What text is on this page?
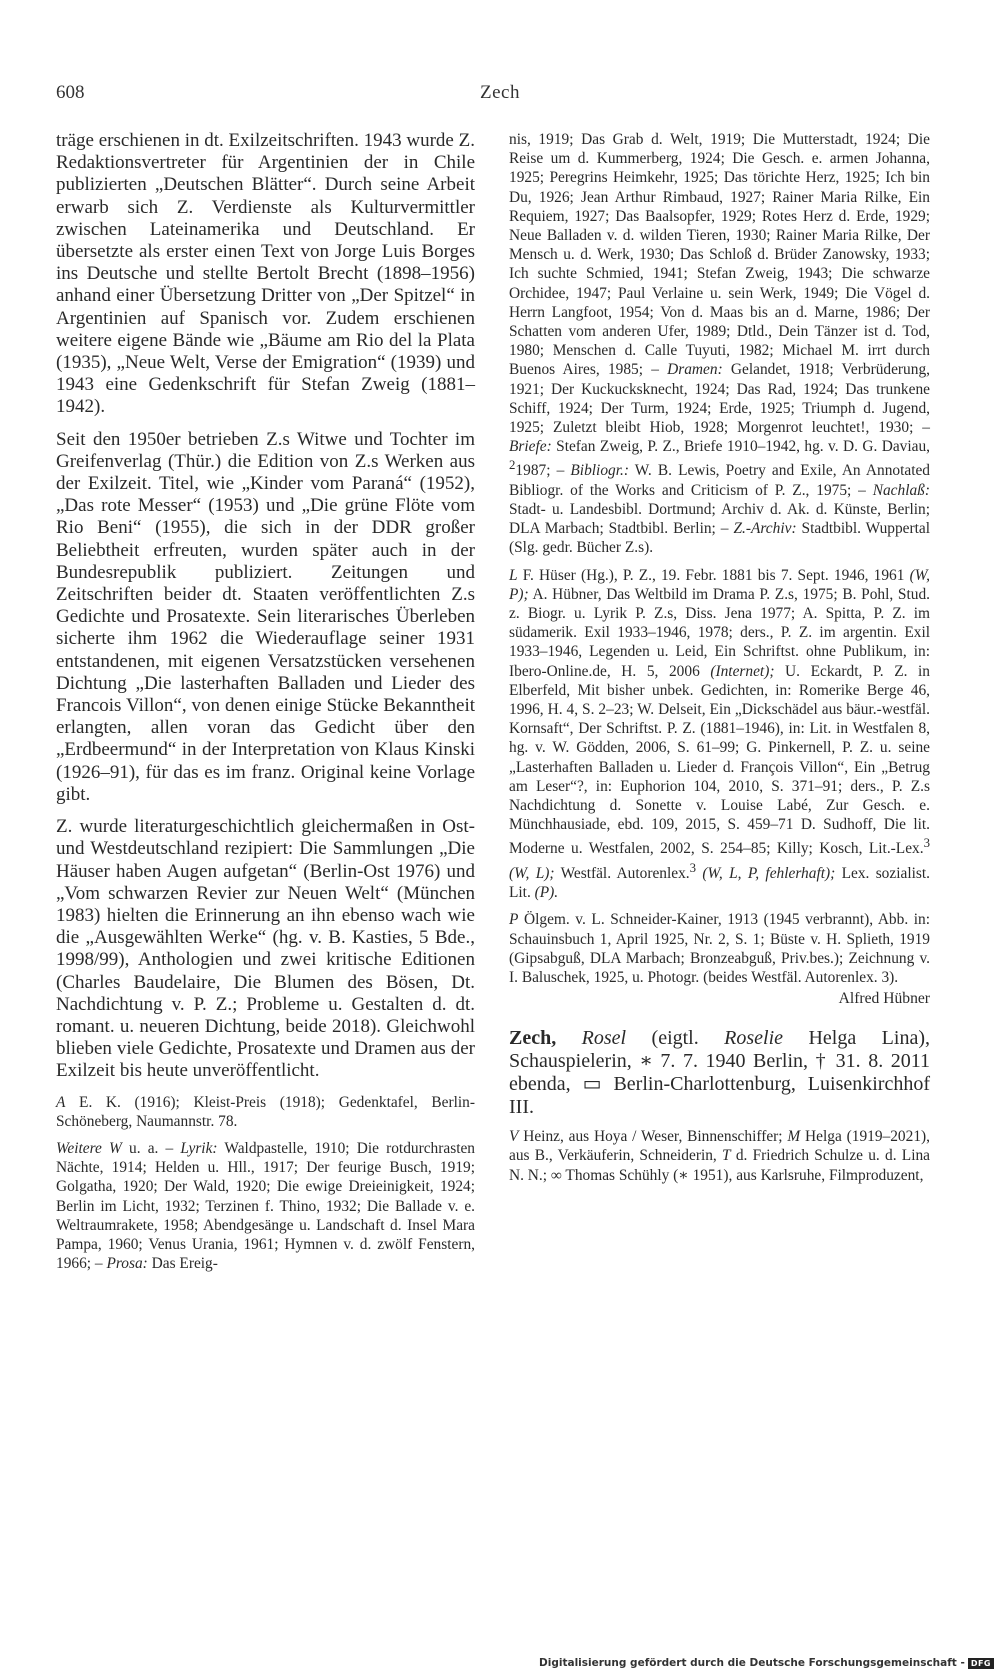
608	Zech

träge erschienen in dt. Exilzeitschriften. 1943 wurde Z. Redaktionsvertreter für Argentinien der in Chile publizierten „Deutschen Blätter“. Durch seine Arbeit erwarb sich Z. Verdienste als Kulturvermittler zwischen Lateinamerika und Deutschland. Er übersetzte als erster einen Text von Jorge Luis Borges ins Deutsche und stellte Bertolt Brecht (1898–1956) anhand einer Übersetzung Dritter von „Der Spitzel“ in Argentinien auf Spanisch vor. Zudem erschienen weitere eigene Bände wie „Bäume am Rio del la Plata (1935), „Neue Welt, Verse der Emigration“ (1939) und 1943 eine Gedenkschrift für Stefan Zweig (1881–1942).

Seit den 1950er betrieben Z.s Witwe und Tochter im Greifenverlag (Thür.) die Edition von Z.s Werken aus der Exilzeit. Titel, wie „Kinder vom Paraná“ (1952), „Das rote Messer“ (1953) und „Die grüne Flöte vom Rio Beni“ (1955), die sich in der DDR großer Beliebtheit erfreuten, wurden später auch in der Bundesrepublik publiziert. Zeitungen und Zeitschriften beider dt. Staaten veröffentlichten Z.s Gedichte und Prosatexte. Sein literarisches Überleben sicherte ihm 1962 die Wiederauflage seiner 1931 entstandenen, mit eigenen Versatzstücken versehenen Dichtung „Die lasterhaften Balladen und Lieder des Francois Villon“, von denen einige Stücke Bekanntheit erlangten, allen voran das Gedicht über den „Erdbeermund“ in der Interpretation von Klaus Kinski (1926–91), für das es im franz. Original keine Vorlage gibt.

Z. wurde literaturgeschichtlich gleichermaßen in Ost- und Westdeutschland rezipiert: Die Sammlungen „Die Häuser haben Augen aufgetan“ (Berlin-Ost 1976) und „Vom schwarzen Revier zur Neuen Welt“ (München 1983) hielten die Erinnerung an ihn ebenso wach wie die „Ausgewählten Werke“ (hg. v. B. Kasties, 5 Bde., 1998/99), Anthologien und zwei kritische Editionen (Charles Baudelaire, Die Blumen des Bösen, Dt. Nachdichtung v. P. Z.; Probleme u. Gestalten d. dt. romant. u. neueren Dichtung, beide 2018). Gleichwohl blieben viele Gedichte, Prosatexte und Dramen aus der Exilzeit bis heute unveröffentlicht.

A E. K. (1916); Kleist-Preis (1918); Gedenktafel, Berlin-Schöneberg, Naumannstr. 78.

Weitere W u. a. – Lyrik: Waldpastelle, 1910; Die rotdurchrasten Nächte, 1914; Helden u. Hll., 1917; Der feurige Busch, 1919; Golgatha, 1920; Der Wald, 1920; Die ewige Dreieinigkeit, 1924; Berlin im Licht, 1932; Terzinen f. Thino, 1932; Die Ballade v. e. Weltraumrakete, 1958; Abendgesänge u. Landschaft d. Insel Mara Pampa, 1960; Venus Urania, 1961; Hymnen v. d. zwölf Fenstern, 1966; – Prosa: Das Ereig-

nis, 1919; Das Grab d. Welt, 1919; Die Mutterstadt, 1924; Die Reise um d. Kummerberg, 1924; Die Gesch. e. armen Johanna, 1925; Peregrins Heimkehr, 1925; Das törichte Herz, 1925; Ich bin Du, 1926; Jean Arthur Rimbaud, 1927; Rainer Maria Rilke, Ein Requiem, 1927; Das Baalsopfer, 1929; Rotes Herz d. Erde, 1929; Neue Balladen v. d. wilden Tieren, 1930; Rainer Maria Rilke, Der Mensch u. d. Werk, 1930; Das Schloß d. Brüder Zanowsky, 1933; Ich suchte Schmied, 1941; Stefan Zweig, 1943; Die schwarze Orchidee, 1947; Paul Verlaine u. sein Werk, 1949; Die Vögel d. Herrn Langfoot, 1954; Von d. Maas bis an d. Marne, 1986; Der Schatten vom anderen Ufer, 1989; Dtld., Dein Tänzer ist d. Tod, 1980; Menschen d. Calle Tuyuti, 1982; Michael M. irrt durch Buenos Aires, 1985; – Dramen: Gelandet, 1918; Verbrüderung, 1921; Der Kuckucksknecht, 1924; Das Rad, 1924; Das trunkene Schiff, 1924; Der Turm, 1924; Erde, 1925; Triumph d. Jugend, 1925; Zuletzt bleibt Hiob, 1928; Morgenrot leuchtet!, 1930; – Briefe: Stefan Zweig, P. Z., Briefe 1910–1942, hg. v. D. G. Daviau, $^2$1987; – Bibliogr.: W. B. Lewis, Poetry and Exile, An Annotated Bibliogr. of the Works and Criticism of P. Z., 1975; – Nachlaß: Stadt- u. Landesbibl. Dortmund; Archiv d. Ak. d. Künste, Berlin; DLA Marbach; Stadtbibl. Berlin; – Z.-Archiv: Stadtbibl. Wuppertal (Slg. gedr. Bücher Z.s).

L F. Hüser (Hg.), P. Z., 19. Febr. 1881 bis 7. Sept. 1946, 1961 (W, P); A. Hübner, Das Weltbild im Drama P. Z.s, 1975; B. Pohl, Stud. z. Biogr. u. Lyrik P. Z.s, Diss. Jena 1977; A. Spitta, P. Z. im südamerik. Exil 1933–1946, 1978; ders., P. Z. im argentin. Exil 1933–1946, Legenden u. Leid, Ein Schriftst. ohne Publikum, in: Ibero-Online.de, H. 5, 2006 (Internet); U. Eckardt, P. Z. in Elberfeld, Mit bisher unbek. Gedichten, in: Romerike Berge 46, 1996, H. 4, S. 2–23; W. Delseit, Ein „Dickschädel aus bäur.-westfäl. Kornsaft“, Der Schriftst. P. Z. (1881–1946), in: Lit. in Westfalen 8, hg. v. W. Gödden, 2006, S. 61–99; G. Pinkernell, P. Z. u. seine „Lasterhaften Balladen u. Lieder d. François Villon“, Ein „Betrug am Leser“?, in: Euphorion 104, 2010, S. 371–91; ders., P. Z.s Nachdichtung d. Sonette v. Louise Labé, Zur Gesch. e. Münchhausiade, ebd. 109, 2015, S. 459–71 D. Sudhoff, Die lit. Moderne u. Westfalen, 2002, S. 254–85; Killy; Kosch, Lit.-Lex.$^3$ (W, L); Westfäl. Autorenlex.$^3$ (W, L, P, fehlerhaft); Lex. sozialist. Lit. (P).

P Ölgem. v. L. Schneider-Kainer, 1913 (1945 verbrannt), Abb. in: Schauinsbuch 1, April 1925, Nr. 2, S. 1; Büste v. H. Splieth, 1919 (Gipsabguß, DLA Marbach; Bronzeabguß, Priv.bes.); Zeichnung v. I. Baluschek, 1925, u. Photogr. (beides Westfäl. Autorenlex. 3).

Alfred Hübner

Zech, Rosel (eigtl. Roselie Helga Lina), Schauspielerin, ∗ 7. 7. 1940 Berlin, † 31. 8. 2011 ebenda, ▭ Berlin-Charlottenburg, Luisenkirchhof III.

V Heinz, aus Hoya / Weser, Binnenschiffer; M Helga (1919–2021), aus B., Verkäuferin, Schneiderin, T d. Friedrich Schulze u. d. Lina N. N.; ∞ Thomas Schühly (∗ 1951), aus Karlsruhe, Filmproduzent,

Digitalisierung gefördert durch die Deutsche Forschungsgemeinschaft - DFG
